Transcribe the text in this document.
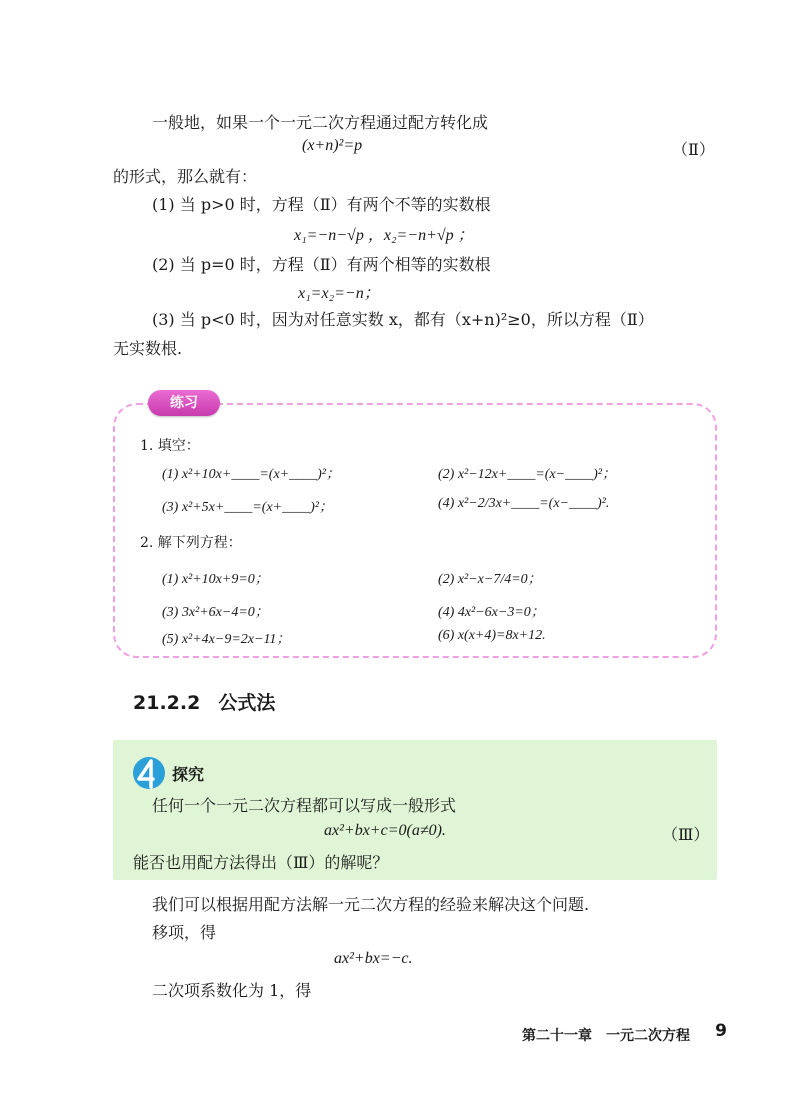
一般地，如果一个一元二次方程通过配方转化成
(x+n)²=p	（Ⅱ）
的形式，那么就有：
(1) 当 p>0 时，方程（Ⅱ）有两个不等的实数根
x₁=−n−√p ，x₂=−n+√p ；
(2) 当 p=0 时，方程（Ⅱ）有两个相等的实数根
x₁=x₂=−n；
(3) 当 p<0 时，因为对任意实数 x，都有（x+n)²≥0，所以方程（Ⅱ）
无实数根.
练习
1. 填空：
(1) x²+10x+____=(x+____)²；	(2) x²−12x+____=(x−____)²；
(3) x²+5x+____=(x+____)²；	(4) x²−2/3x+____=(x−____)².
2. 解下列方程：
(1) x²+10x+9=0；	(2) x²−x−7/4=0；
(3) 3x²+6x−4=0；	(4) 4x²−6x−3=0；
(5) x²+4x−9=2x−11；	(6) x(x+4)=8x+12.
21.2.2 公式法
探究
任何一个一元二次方程都可以写成一般形式
ax²+bx+c=0(a≠0).	（Ⅲ）
能否也用配方法得出（Ⅲ）的解呢？
我们可以根据用配方法解一元二次方程的经验来解决这个问题.
移项，得
ax²+bx=−c.
二次项系数化为 1，得
第二十一章　一元二次方程 9
